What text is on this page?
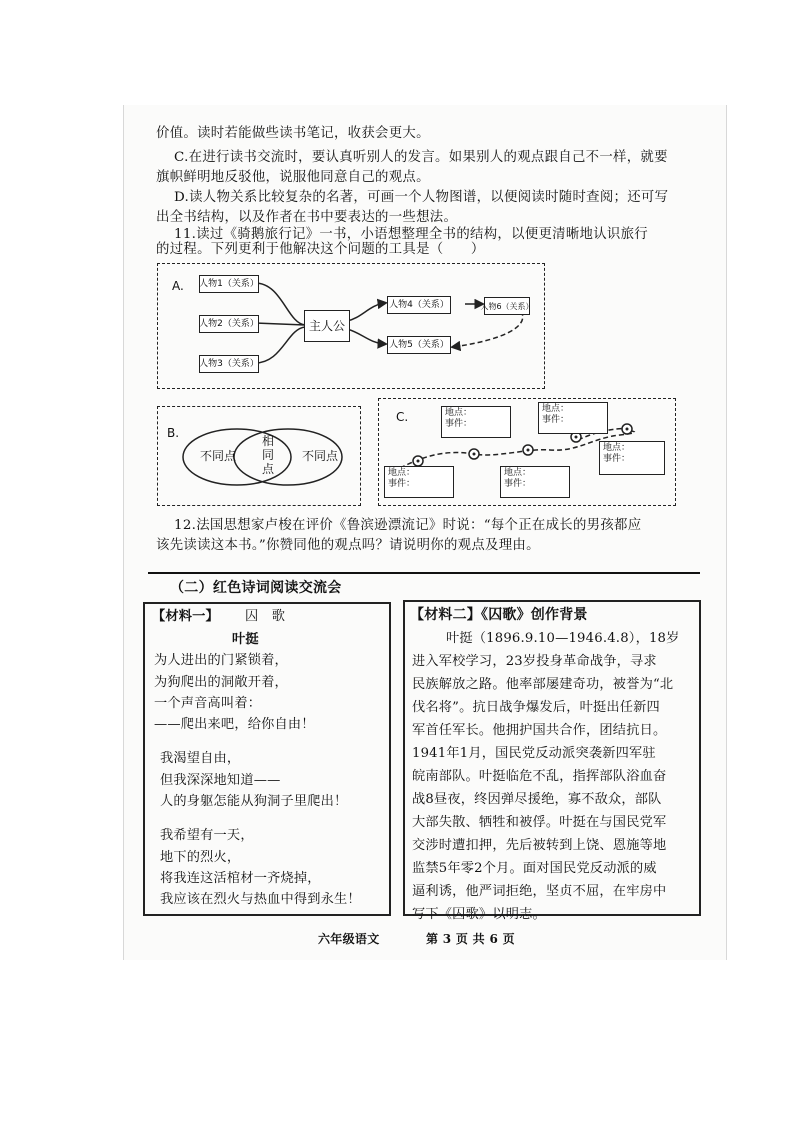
价值。读时若能做些读书笔记，收获会更大。
C.在进行读书交流时，要认真听别人的发言。如果别人的观点跟自己不一样，就要
旗帜鲜明地反驳他，说服他同意自己的观点。
D.读人物关系比较复杂的名著，可画一个人物图谱，以便阅读时随时查阅；还可写
出全书结构，以及作者在书中要表达的一些想法。
11.读过《骑鹅旅行记》一书，小语想整理全书的结构，以便更清晰地认识旅行
的过程。下列更利于他解决这个问题的工具是（　　）
A. 人物1（关系）
人物2（关系）
人物3（关系）
主人公
人物4（关系）	人物6（关系）
人物5（关系）
B.
不同点	不同点
相
同
点
C.	地点：
事件：
地点：
事件：
地点：
事件：
地点：
事件：
地点：
事件：
12.法国思想家卢梭在评价《鲁滨逊漂流记》时说：“每个正在成长的男孩都应
该先读读这本书。”你赞同他的观点吗？请说明你的观点及理由。
（二）红色诗词阅读交流会
【材料一】 囚　歌
叶挺
为人进出的门紧锁着，
为狗爬出的洞敞开着，
一个声音高叫着：
——爬出来吧，给你自由！
我渴望自由，
但我深深地知道——
人的身躯怎能从狗洞子里爬出！
我希望有一天，
地下的烈火，
将我连这活棺材一齐烧掉，
我应该在烈火与热血中得到永生！
【材料二】《囚歌》创作背景
叶挺（1896.9.10—1946.4.8），18岁
进入军校学习，23岁投身革命战争，寻求
民族解放之路。他率部屡建奇功，被誉为“北
伐名将”。抗日战争爆发后，叶挺出任新四
军首任军长。他拥护国共合作，团结抗日。
1941年1月，国民党反动派突袭新四军驻
皖南部队。叶挺临危不乱，指挥部队浴血奋
战8昼夜，终因弹尽援绝，寡不敌众，部队
大部失散、牺牲和被俘。叶挺在与国民党军
交涉时遭扣押，先后被转到上饶、恩施等地
监禁5年零2个月。面对国民党反动派的威
逼利诱，他严词拒绝，坚贞不屈，在牢房中
写下《囚歌》以明志。
六年级语文	第 3 页 共 6 页
